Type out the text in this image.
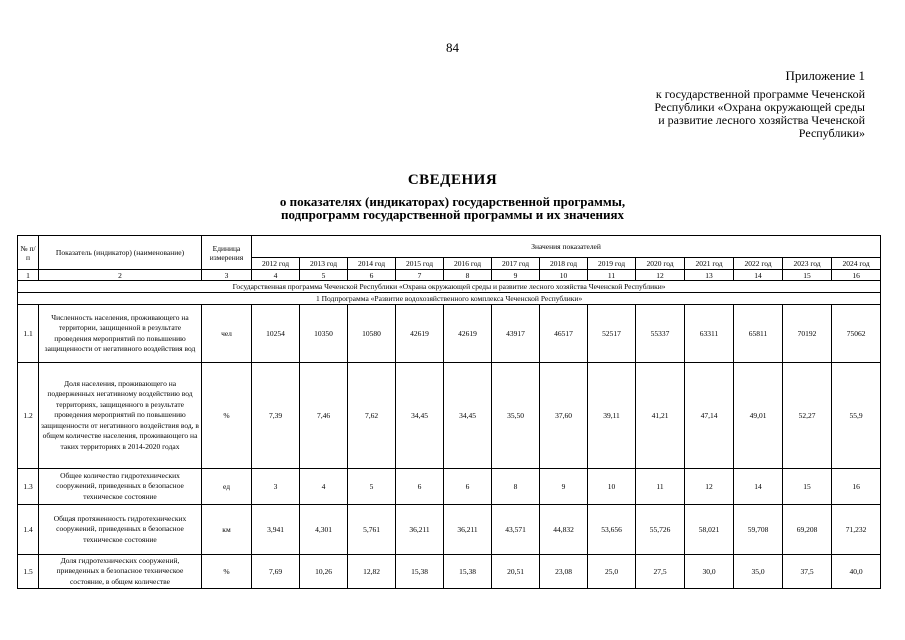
84
Приложение 1
к государственной программе Чеченской
Республики «Охрана окружающей среды
и развитие лесного хозяйства Чеченской
Республики»
СВЕДЕНИЯ
о показателях (индикаторах) государственной программы,
подпрограмм государственной программы и их значениях
№ п/п	Показатель (индикатор) (наименование)	Единица измерения	Значения показателей												
			2012 год	2013 год	2014 год	2015 год	2016 год	2017 год	2018 год	2019 год	2020 год	2021 год	2022 год	2023 год	2024 год
1	2	3	4	5	6	7	8	9	10	11	12	13	14	15	16
Государственная программа Чеченской Республики «Охрана окружающей среды и развитие лесного хозяйства Чеченской Республики»															
1 Подпрограмма «Развитие водохозяйственного комплекса Чеченской Республики»															
1.1	Численность населения, проживающего на территории, защищенной в результате проведения мероприятий по повышению защищенности от негативного воздействия вод	чел	10254	10350	10580	42619	42619	43917	46517	52517	55337	63311	65811	70192	75062
1.2	Доля населения, проживающего на подверженных негативному воздействию вод территориях, защищенного в результате проведения мероприятий по повышению защищенности от негативного воздействия вод, в общем количестве населения, проживающего на таких территориях в 2014-2020 годах	%	7,39	7,46	7,62	34,45	34,45	35,50	37,60	39,11	41,21	47,14	49,01	52,27	55,9
1.3	Общее количество гидротехнических сооружений, приведенных в безопасное техническое состояние	ед	3	4	5	6	6	8	9	10	11	12	14	15	16
1.4	Общая протяженность гидротехнических сооружений, приведенных в безопасное техническое состояние	км	3,941	4,301	5,761	36,211	36,211	43,571	44,832	53,656	55,726	58,021	59,708	69,208	71,232
1.5	Доля гидротехнических сооружений, приведенных в безопасное техническое состояние, в общем количестве	%	7,69	10,26	12,82	15,38	15,38	20,51	23,08	25,0	27,5	30,0	35,0	37,5	40,0
